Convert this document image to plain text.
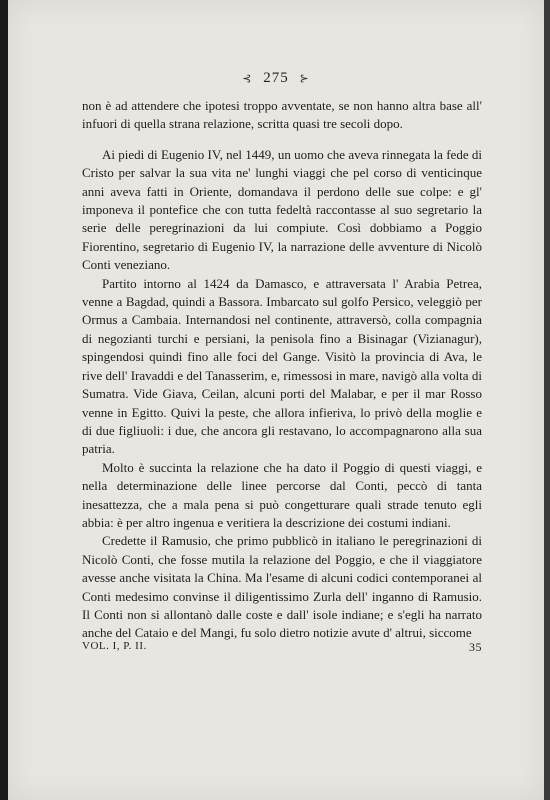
⊰ 275 ⊱

non è ad attendere che ipotesi troppo avventate, se non hanno altra base all' infuori di quella strana relazione, scritta quasi tre secoli dopo.

Ai piedi di Eugenio IV, nel 1449, un uomo che aveva rinnegata la fede di Cristo per salvar la sua vita ne' lunghi viaggi che pel corso di venticinque anni aveva fatti in Oriente, domandava il perdono delle sue colpe: e gl' imponeva il pontefice che con tutta fedeltà raccontasse al suo segretario la serie delle peregrinazioni da lui compiute. Così dobbiamo a Poggio Fiorentino, segretario di Eugenio IV, la narrazione delle avventure di Nicolò Conti veneziano.

Partito intorno al 1424 da Damasco, e attraversata l' Arabia Petrea, venne a Bagdad, quindi a Bassora. Imbarcato sul golfo Persico, veleggiò per Ormus a Cambaia. Internandosi nel continente, attraversò, colla compagnia di negozianti turchi e persiani, la penisola fino a Bisinagar (Vizianagur), spingendosi quindi fino alle foci del Gange. Visitò la provincia di Ava, le rive dell' Iravaddi e del Tanasserim, e, rimessosi in mare, navigò alla volta di Sumatra. Vide Giava, Ceilan, alcuni porti del Malabar, e per il mar Rosso venne in Egitto. Quivi la peste, che allora infieriva, lo privò della moglie e di due figliuoli: i due, che ancora gli restavano, lo accompagnarono alla sua patria.

Molto è succinta la relazione che ha dato il Poggio di questi viaggi, e nella determinazione delle linee percorse dal Conti, peccò di tanta inesattezza, che a mala pena si può congetturare quali strade tenuto egli abbia: è per altro ingenua e veritiera la descrizione dei costumi indiani.

Credette il Ramusio, che primo pubblicò in italiano le peregrinazioni di Nicolò Conti, che fosse mutila la relazione del Poggio, e che il viaggiatore avesse anche visitata la China. Ma l'esame di alcuni codici contemporanei al Conti medesimo convinse il diligentissimo Zurla dell' inganno di Ramusio. Il Conti non si allontanò dalle coste e dall' isole indiane; e s'egli ha narrato anche del Cataio e del Mangi, fu solo dietro notizie avute d' altrui, siccome

VOL. I, P. II.	35
